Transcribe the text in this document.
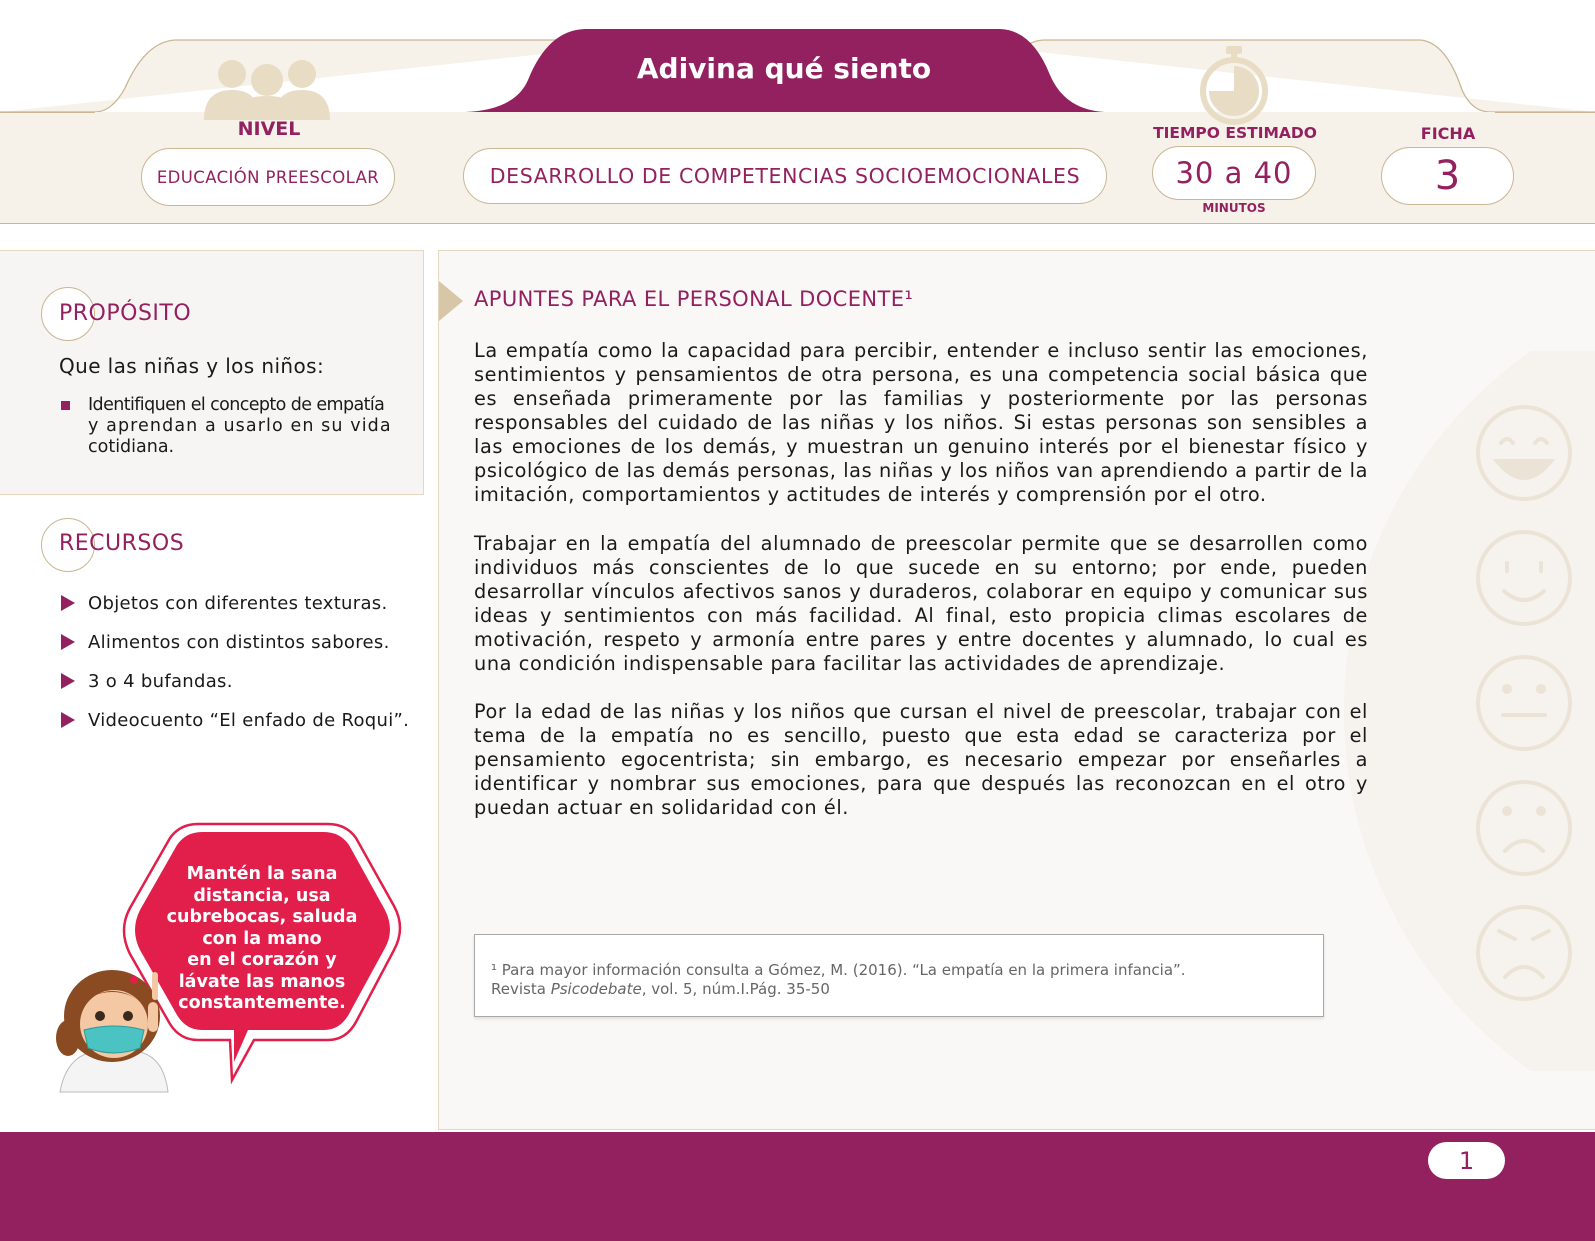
Adivina qué siento
NIVEL
EDUCACIÓN PREESCOLAR	DESARROLLO DE COMPETENCIAS SOCIOEMOCIONALES
TIEMPO ESTIMADO
30 a 40
MINUTOS
FICHA
3
PROPÓSITO
Que las niñas y los niños:
Identifiquen el concepto de empatía
y aprendan a usarlo en su vida
cotidiana.
RECURSOS
Objetos con diferentes texturas.
Alimentos con distintos sabores.
3 o 4 bufandas.
Videocuento “El enfado de Roqui”.
Mantén la sana
distancia, usa
cubrebocas, saluda
con la mano
en el corazón y
lávate las manos
constantemente.
APUNTES PARA EL PERSONAL DOCENTE¹
La empatía como la capacidad para percibir, entender e incluso sentir las emociones, sentimientos y pensamientos de otra persona, es una competencia social básica que es enseñada primeramente por las familias y posteriormente por las personas responsables del cuidado de las niñas y los niños. Si estas personas son sensibles a las emociones de los demás, y muestran un genuino interés por el bienestar físico y psicológico de las demás personas, las niñas y los niños van aprendiendo a partir de la imitación, comportamientos y actitudes de interés y comprensión por el otro.
Trabajar en la empatía del alumnado de preescolar permite que se desarrollen como individuos más conscientes de lo que sucede en su entorno; por ende, pueden desarrollar vínculos afectivos sanos y duraderos, colaborar en equipo y comunicar sus ideas y sentimientos con más facilidad. Al final, esto propicia climas escolares de motivación, respeto y armonía entre pares y entre docentes y alumnado, lo cual es una condición indispensable para facilitar las actividades de aprendizaje.
Por la edad de las niñas y los niños que cursan el nivel de preescolar, trabajar con el tema de la empatía no es sencillo, puesto que esta edad se caracteriza por el pensamiento egocentrista; sin embargo, es necesario empezar por enseñarles a identificar y nombrar sus emociones, para que después las reconozcan en el otro y puedan actuar en solidaridad con él.
¹ Para mayor información consulta a Gómez, M. (2016). “La empatía en la primera infancia”.
Revista Psicodebate, vol. 5, núm.I.Pág. 35-50
1
